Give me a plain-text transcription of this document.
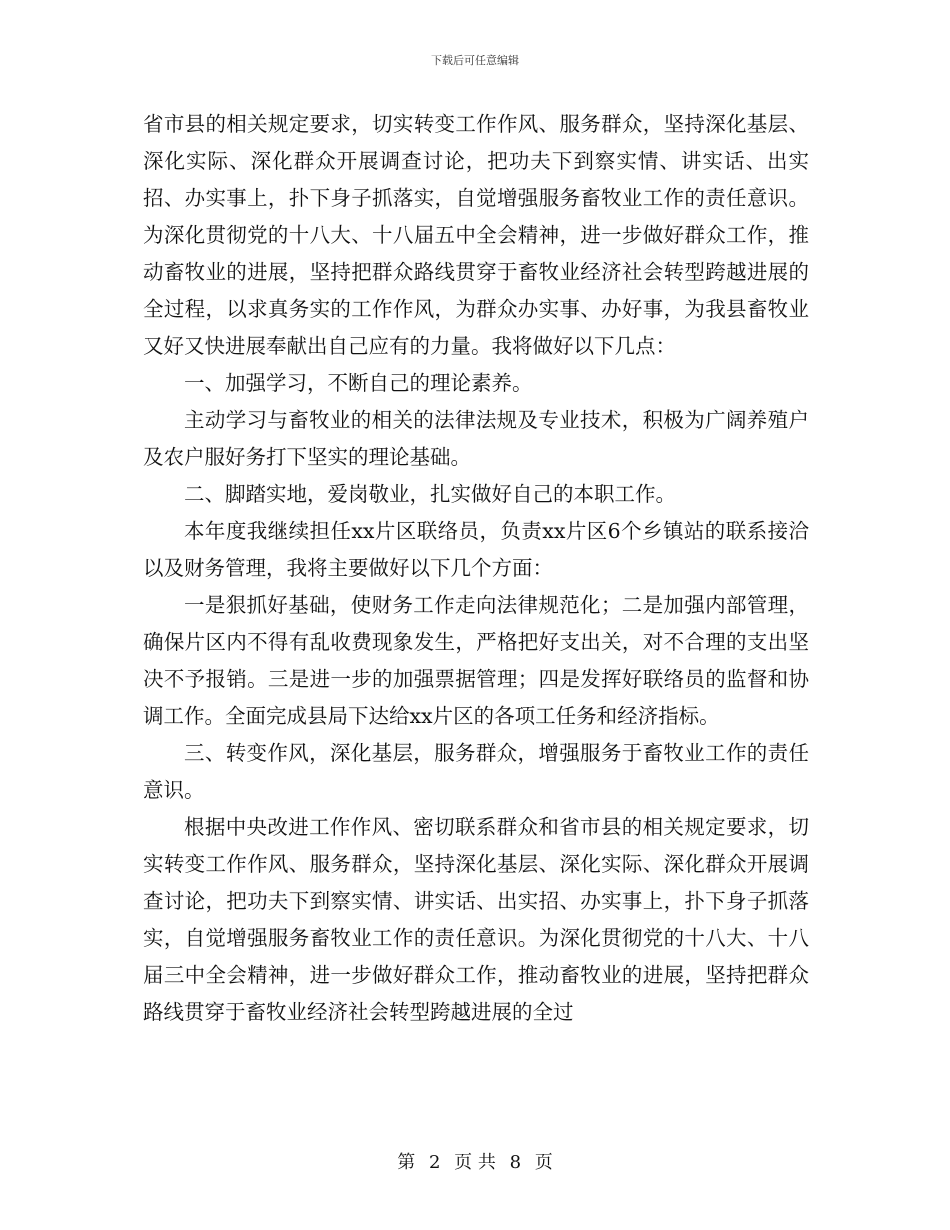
下载后可任意编辑

省市县的相关规定要求，切实转变工作作风、服务群众，坚持深化基层、深化实际、深化群众开展调查讨论，把功夫下到察实情、讲实话、出实招、办实事上，扑下身子抓落实，自觉增强服务畜牧业工作的责任意识。为深化贯彻党的十八大、十八届五中全会精神，进一步做好群众工作，推动畜牧业的进展，坚持把群众路线贯穿于畜牧业经济社会转型跨越进展的全过程，以求真务实的工作作风，为群众办实事、办好事，为我县畜牧业又好又快进展奉献出自己应有的力量。我将做好以下几点：

一、加强学习，不断自己的理论素养。

主动学习与畜牧业的相关的法律法规及专业技术，积极为广阔养殖户及农户服好务打下坚实的理论基础。

二、脚踏实地，爱岗敬业，扎实做好自己的本职工作。

本年度我继续担任xx片区联络员，负责xx片区6个乡镇站的联系接洽以及财务管理，我将主要做好以下几个方面：

一是狠抓好基础，使财务工作走向法律规范化；二是加强内部管理，确保片区内不得有乱收费现象发生，严格把好支出关，对不合理的支出坚决不予报销。三是进一步的加强票据管理；四是发挥好联络员的监督和协调工作。全面完成县局下达给xx片区的各项工任务和经济指标。

三、转变作风，深化基层，服务群众，增强服务于畜牧业工作的责任意识。

根据中央改进工作作风、密切联系群众和省市县的相关规定要求，切实转变工作作风、服务群众，坚持深化基层、深化实际、深化群众开展调查讨论，把功夫下到察实情、讲实话、出实招、办实事上，扑下身子抓落实，自觉增强服务畜牧业工作的责任意识。为深化贯彻党的十八大、十八届三中全会精神，进一步做好群众工作，推动畜牧业的进展，坚持把群众路线贯穿于畜牧业经济社会转型跨越进展的全过

第 2 页 共 8 页
